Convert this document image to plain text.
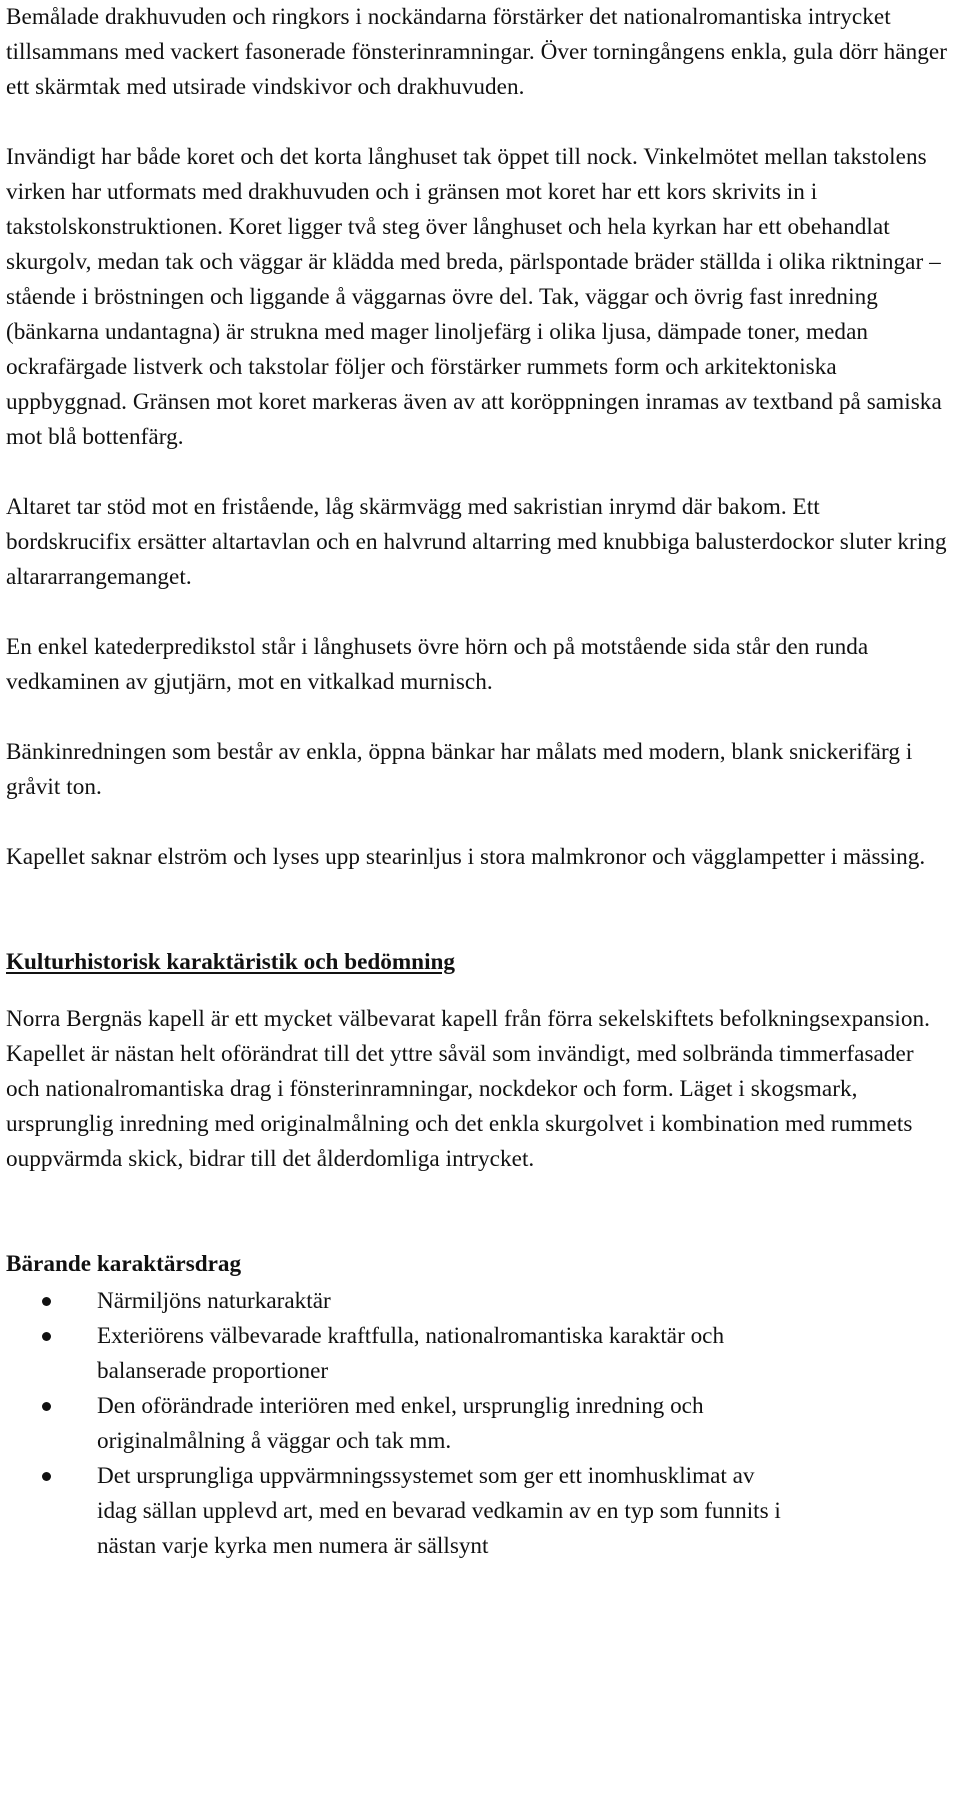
Bemålade drakhuvuden och ringkors i nockändarna förstärker det nationalromantiska intrycket tillsammans med vackert fasonerade fönsterinramningar. Över torningångens enkla, gula dörr hänger ett skärmtak med utsirade vindskivor och drakhuvuden.

Invändigt har både koret och det korta långhuset tak öppet till nock. Vinkelmötet mellan takstolens virken har utformats med drakhuvuden och i gränsen mot koret har ett kors skrivits in i takstolskonstruktionen. Koret ligger två steg över långhuset och hela kyrkan har ett obehandlat skurgolv, medan tak och väggar är klädda med breda, pärlspontade bräder ställda i olika riktningar – stående i bröstningen och liggande å väggarnas övre del. Tak, väggar och övrig fast inredning (bänkarna undantagna) är strukna med mager linoljefärg i olika ljusa, dämpade toner, medan ockrafärgade listverk och takstolar följer och förstärker rummets form och arkitektoniska uppbyggnad. Gränsen mot koret markeras även av att koröppningen inramas av textband på samiska mot blå bottenfärg.

Altaret tar stöd mot en fristående, låg skärmvägg med sakristian inrymd där bakom. Ett bordskrucifix ersätter altartavlan och en halvrund altarring med knubbiga balusterdockor sluter kring altararrangemanget.

En enkel katederpredikstol står i långhusets övre hörn och på motstående sida står den runda vedkaminen av gjutjärn, mot en vitkalkad murnisch.

Bänkinredningen som består av enkla, öppna bänkar har målats med modern, blank snickerifärg i gråvit ton.

Kapellet saknar elström och lyses upp stearinljus i stora malmkronor och vägglampetter i mässing.

Kulturhistorisk karaktäristik och bedömning

Norra Bergnäs kapell är ett mycket välbevarat kapell från förra sekelskiftets befolkningsexpansion. Kapellet är nästan helt oförändrat till det yttre såväl som invändigt, med solbrända timmerfasader och nationalromantiska drag i fönsterinramningar, nockdekor och form. Läget i skogsmark, ursprunglig inredning med originalmålning och det enkla skurgolvet i kombination med rummets ouppvärmda skick, bidrar till det ålderdomliga intrycket.

Bärande karaktärsdrag
Närmiljöns naturkaraktär
Exteriörens välbevarade kraftfulla, nationalromantiska karaktär och balanserade proportioner
Den oförändrade interiören med enkel, ursprunglig inredning och originalmålning å väggar och tak mm.
Det ursprungliga uppvärmningssystemet som ger ett inomhusklimat av idag sällan upplevd art, med en bevarad vedkamin av en typ som funnits i nästan varje kyrka men numera är sällsynt
